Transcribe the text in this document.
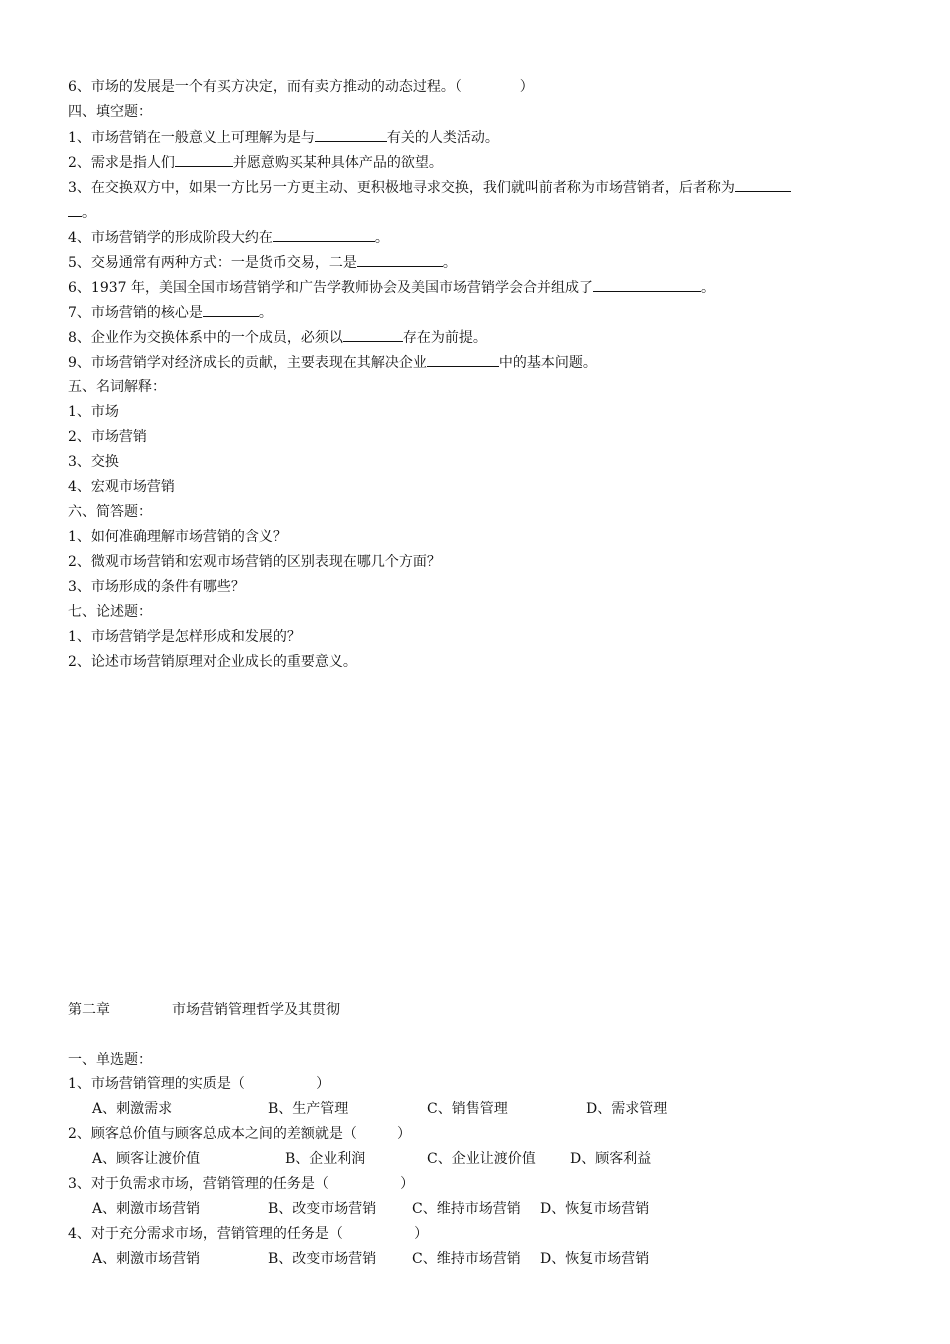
6、市场的发展是一个有买方决定，而有卖方推动的动态过程。（             ）
四、填空题：
1、市场营销在一般意义上可理解为是与	有关的人类活动。
2、需求是指人们	并愿意购买某种具体产品的欲望。
3、在交换双方中，如果一方比另一方更主动、更积极地寻求交换，我们就叫前者称为市场营销者，后者称为
。
4、市场营销学的形成阶段大约在	。
5、交易通常有两种方式：一是货币交易，二是	。
6、1937 年，美国全国市场营销学和广告学教师协会及美国市场营销学会合并组成了	。
7、市场营销的核心是	。
8、企业作为交换体系中的一个成员，必须以	存在为前提。
9、市场营销学对经济成长的贡献，主要表现在其解决企业	中的基本问题。
五、名词解释：
1、市场
2、市场营销
3、交换
4、宏观市场营销
六、简答题：
1、如何准确理解市场营销的含义？
2、微观市场营销和宏观市场营销的区别表现在哪几个方面？
3、市场形成的条件有哪些？
七、论述题：
1、市场营销学是怎样形成和发展的？
2、论述市场营销原理对企业成长的重要意义。
第二章	市场营销管理哲学及其贯彻
一、单选题：
1、市场营销管理的实质是（                ）
A、刺激需求	B、生产管理	C、销售管理	D、需求管理
2、顾客总价值与顾客总成本之间的差额就是（         ）
A、顾客让渡价值	B、企业利润	C、企业让渡价值 D、顾客利益
3、对于负需求市场，营销管理的任务是（                ）
A、刺激市场营销	B、改变市场营销	C、维持市场营销 D、恢复市场营销
4、对于充分需求市场，营销管理的任务是（                ）
A、刺激市场营销	B、改变市场营销	C、维持市场营销 D、恢复市场营销
